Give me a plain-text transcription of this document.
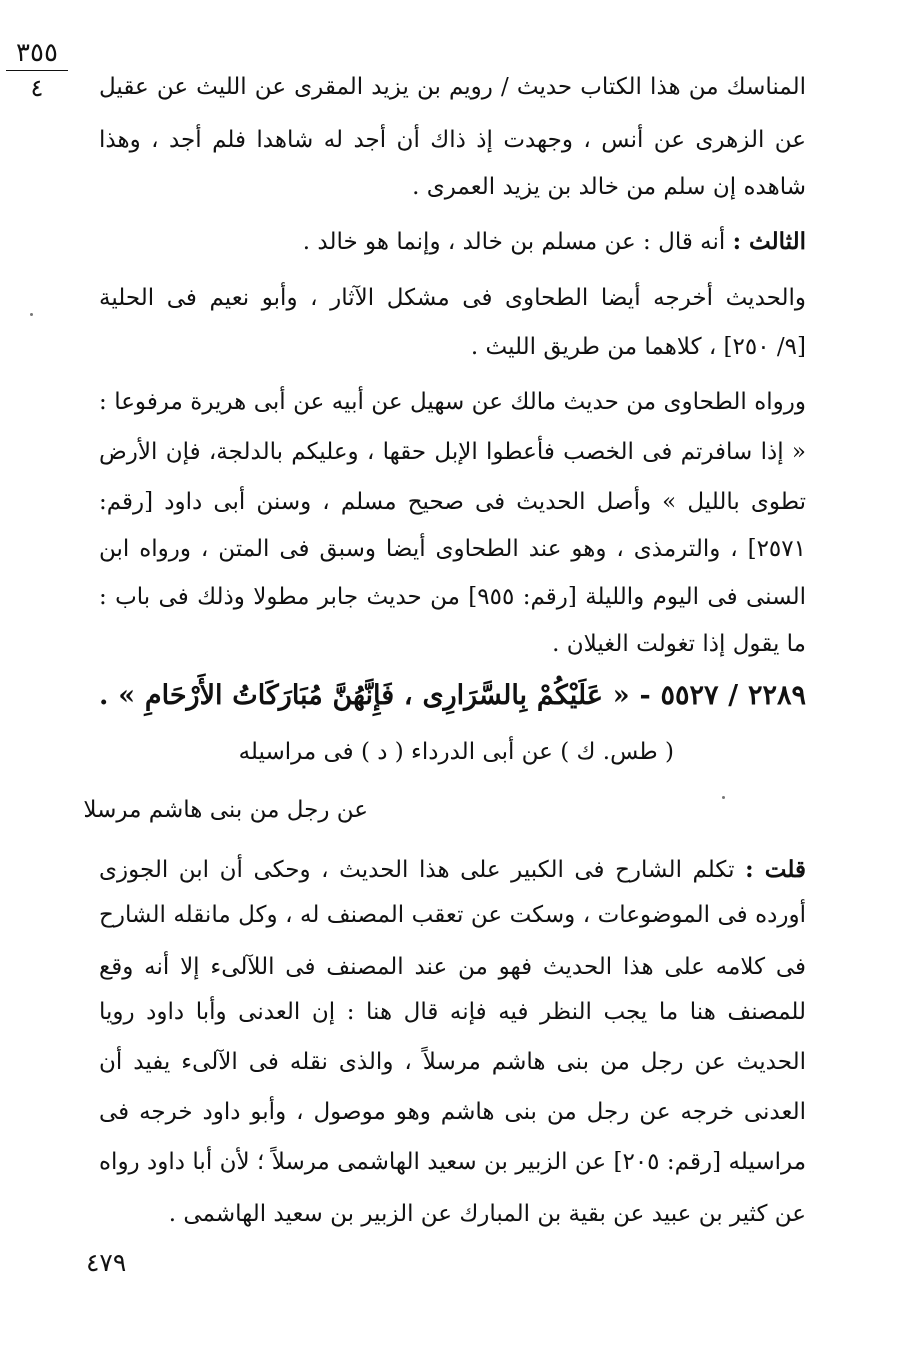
٣٥٥
٤	المناسك من هذا الكتاب حديث / رويم بن يزيد المقرى عن الليث عن عقيل
عن الزهرى عن أنس ، وجهدت إذ ذاك أن أجد له شاهدا فلم أجد ، وهذا
شاهده إن سلم من خالد بن يزيد العمرى .
الثالث : أنه قال : عن مسلم بن خالد ، وإنما هو خالد .
والحديث أخرجه أيضا الطحاوى فى مشكل الآثار ، وأبو نعيم فى الحلية
[٩/ ٢٥٠] ، كلاهما من طريق الليث .
ورواه الطحاوى من حديث مالك عن سهيل عن أبيه عن أبى هريرة مرفوعا :
« إذا سافرتم فى الخصب فأعطوا الإبل حقها ، وعليكم بالدلجة، فإن الأرض
تطوى بالليل » وأصل الحديث فى صحيح مسلم ، وسنن أبى داود [رقم:
٢٥٧١] ، والترمذى ، وهو عند الطحاوى أيضا وسبق فى المتن ، ورواه ابن
السنى فى اليوم والليلة [رقم: ٩٥٥] من حديث جابر مطولا وذلك فى باب :
ما يقول إذا تغولت الغيلان .
٢٢٨٩ / ٥٥٢٧ - « عَلَيْكُمْ بِالسَّرَارِى ، فَإِنَّهُنَّ مُبَارَكَاتُ الأَرْحَامِ » .
( طس. ك ) عن أبى الدرداء ( د ) فى مراسيله
عن رجل من بنى هاشم مرسلا
قلت : تكلم الشارح فى الكبير على هذا الحديث ، وحكى أن ابن الجوزى
أورده فى الموضوعات ، وسكت عن تعقب المصنف له ، وكل مانقله الشارح
فى كلامه على هذا الحديث فهو من عند المصنف فى اللآلىء إلا أنه وقع
للمصنف هنا ما يجب النظر فيه فإنه قال هنا : إن العدنى وأبا داود رويا
الحديث عن رجل من بنى هاشم مرسلاً ، والذى نقله فى الآلىء يفيد أن
العدنى خرجه عن رجل من بنى هاشم وهو موصول ، وأبو داود خرجه فى
مراسيله [رقم: ٢٠٥] عن الزبير بن سعيد الهاشمى مرسلاً ؛ لأن أبا داود رواه
عن كثير بن عبيد عن بقية بن المبارك عن الزبير بن سعيد الهاشمى .
٤٧٩
